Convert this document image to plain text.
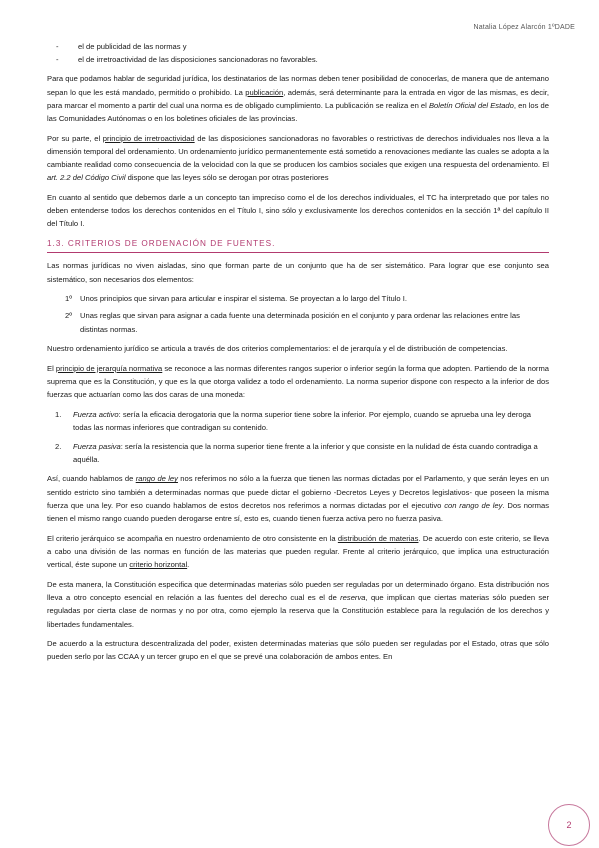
Natalia López Alarcón 1ºDADE
-	el de publicidad de las normas y
-	el de irretroactividad de las disposiciones sancionadoras no favorables.

Para que podamos hablar de seguridad jurídica, los destinatarios de las normas deben tener posibilidad de conocerlas, de manera que de antemano sepan lo que les está mandado, permitido o prohibido. La publicación, además, será determinante para la entrada en vigor de las mismas, es decir, para marcar el momento a partir del cual una norma es de obligado cumplimiento. La publicación se realiza en el Boletín Oficial del Estado, en los de las Comunidades Autónomas o en los boletines oficiales de las provincias.

Por su parte, el principio de irretroactividad de las disposiciones sancionadoras no favorables o restrictivas de derechos individuales nos lleva a la dimensión temporal del ordenamiento. Un ordenamiento jurídico permanentemente está sometido a renovaciones mediante las cuales se adopta a la cambiante realidad como consecuencia de la velocidad con la que se producen los cambios sociales que exigen una respuesta del ordenamiento. El art. 2.2 del Código Civil dispone que las leyes sólo se derogan por otras posteriores

En cuanto al sentido que debemos darle a un concepto tan impreciso como el de los derechos individuales, el TC ha interpretado que por tales no deben entenderse todos los derechos contenidos en el Título I, sino sólo y exclusivamente los derechos contenidos en la sección 1ª del capítulo II del Título I.

1.3. CRITERIOS DE ORDENACIÓN DE FUENTES.

Las normas jurídicas no viven aisladas, sino que forman parte de un conjunto que ha de ser sistemático. Para lograr que ese conjunto sea sistemático, son necesarios dos elementos:

1º	Unos principios que sirvan para articular e inspirar el sistema. Se proyectan a lo largo del Título I.
2º	Unas reglas que sirvan para asignar a cada fuente una determinada posición en el conjunto y para ordenar las relaciones entre las distintas normas.

Nuestro ordenamiento jurídico se articula a través de dos criterios complementarios: el de jerarquía y el de distribución de competencias.

El principio de jerarquía normativa se reconoce a las normas diferentes rangos superior o inferior según la forma que adopten. Partiendo de la norma suprema que es la Constitución, y que es la que otorga validez a todo el ordenamiento. La norma superior dispone con respecto a la inferior de dos fuerzas que actuarían como las dos caras de una moneda:

1.	Fuerza activo: sería la eficacia derogatoria que la norma superior tiene sobre la inferior. Por ejemplo, cuando se aprueba una ley deroga todas las normas inferiores que contradigan su contenido.
2.	Fuerza pasiva: sería la resistencia que la norma superior tiene frente a la inferior y que consiste en la nulidad de ésta cuando contradiga a aquélla.

Así, cuando hablamos de rango de ley nos referimos no sólo a la fuerza que tienen las normas dictadas por el Parlamento, y que serán leyes en un sentido estricto sino también a determinadas normas que puede dictar el gobierno -Decretos Leyes y Decretos legislativos- que poseen la misma fuerza que una ley. Por eso cuando hablamos de estos decretos nos referimos a normas dictadas por el ejecutivo con rango de ley. Dos normas tienen el mismo rango cuando pueden derogarse entre sí, esto es, cuando tienen fuerza activa pero no fuerza pasiva.

El criterio jerárquico se acompaña en nuestro ordenamiento de otro consistente en la distribución de materias. De acuerdo con este criterio, se lleva a cabo una división de las normas en función de las materias que pueden regular. Frente al criterio jerárquico, que implica una estructuración vertical, éste supone un criterio horizontal.

De esta manera, la Constitución especifica que determinadas materias sólo pueden ser reguladas por un determinado órgano. Esta distribución nos lleva a otro concepto esencial en relación a las fuentes del derecho cual es el de reserva, que implican que ciertas materias sólo pueden ser reguladas por cierta clase de normas y no por otra, como ejemplo la reserva que la Constitución establece para la regulación de los derechos y libertades fundamentales.

De acuerdo a la estructura descentralizada del poder, existen determinadas materias que sólo pueden ser reguladas por el Estado, otras que sólo pueden serlo por las CCAA y un tercer grupo en el que se prevé una colaboración de ambos entes. En

2
